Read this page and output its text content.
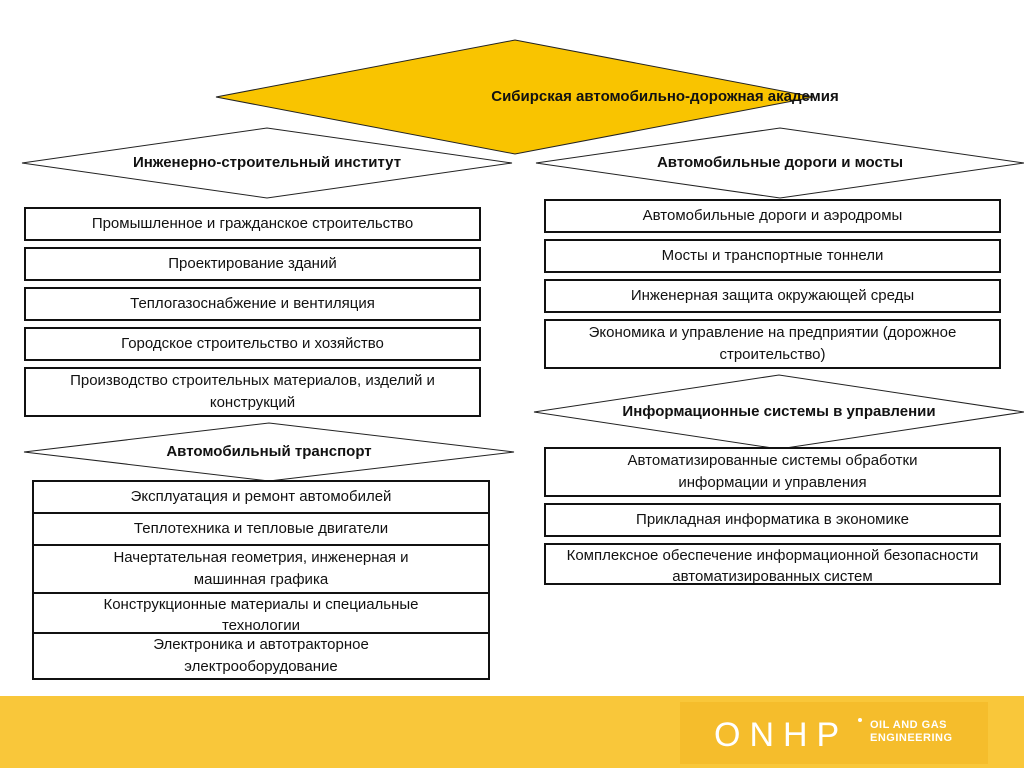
Сибирская автомобильно-дорожная академия
Инженерно-строительный институт	Автомобильные дороги и мосты
Промышленное и гражданское строительство
Проектирование зданий
Теплогазоснабжение и вентиляция
Городское строительство и хозяйство
Производство строительных материалов, изделий и конструкций
Автомобильные дороги и аэродромы
Мосты и транспортные тоннели
Инженерная защита окружающей среды
Экономика и управление на предприятии (дорожное строительство)
Автомобильный транспорт
Информационные системы в управлении
Эксплуатация и ремонт автомобилей
Теплотехника и тепловые двигатели
Начертательная геометрия, инженерная и машинная графика
Конструкционные материалы и специальные технологии
Электроника и автотракторное электрооборудование
Автоматизированные системы обработки информации и управления
Прикладная информатика в экономике
Комплексное обеспечение информационной безопасности автоматизированных систем
ONHP OIL AND GAS
ENGINEERING
